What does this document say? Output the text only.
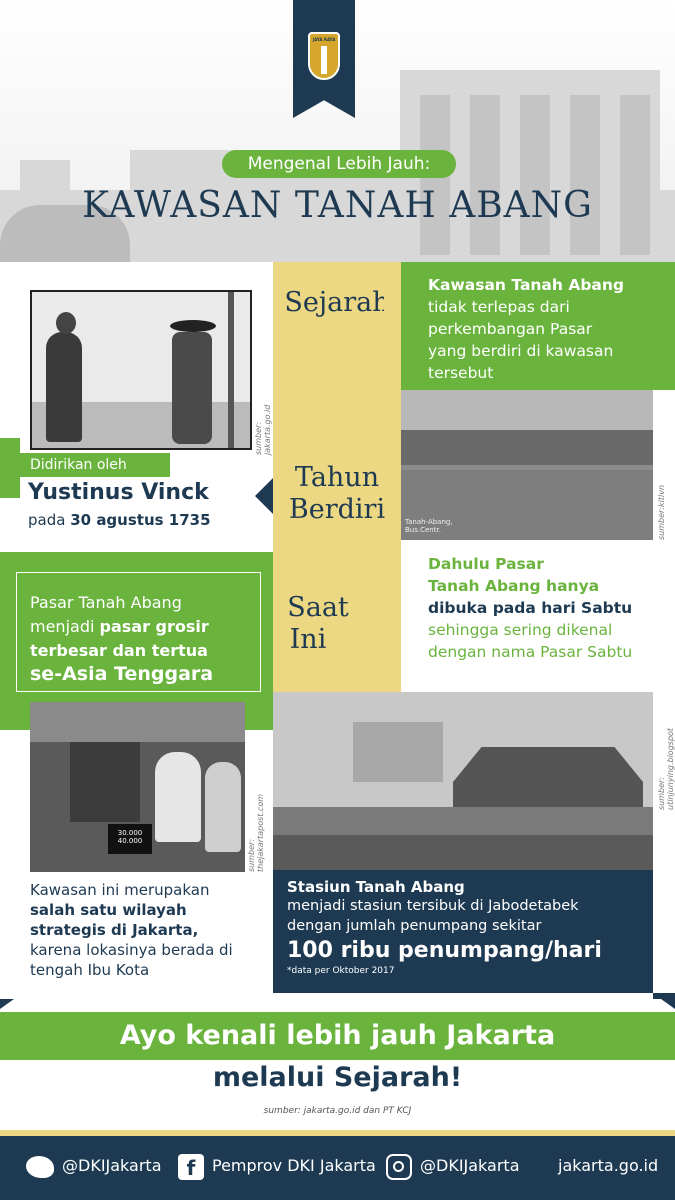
JAYA RAYA
Mengenal Lebih Jauh:
KAWASAN TANAH ABANG
Sejarah
Tahun
Berdiri
Saat
Ini
sumber: jakarta.go.id
Didirikan oleh
Yustinus Vinck
pada 30 agustus 1735
Pasar Tanah Abang
menjadi pasar grosir
terbesar dan tertua
se-Asia Tenggara
30.000
40.000	sumber: thejakartapost.com
Kawasan ini merupakan
salah satu wilayah
strategis di Jakarta,
karena lokasinya berada di
tengah Ibu Kota
Kawasan Tanah Abang
tidak terlepas dari
perkembangan Pasar
yang berdiri di kawasan
tersebut
Tanah-Abang, Bus.Centr.	sumber:kitlvn
Dahulu Pasar
Tanah Abang hanya
dibuka pada hari Sabtu
sehingga sering dikenal
dengan nama Pasar Sabtu
sumber: utinjunying.blogspot
Stasiun Tanah Abang
menjadi stasiun tersibuk di Jabodetabek
dengan jumlah penumpang sekitar
100 ribu penumpang/hari
*data per Oktober 2017
Ayo kenali lebih jauh Jakarta
melalui Sejarah!
sumber: jakarta.go.id dan PT KCJ
@DKIJakarta	f	Pemprov DKI Jakarta	@DKIJakarta jakarta.go.id
